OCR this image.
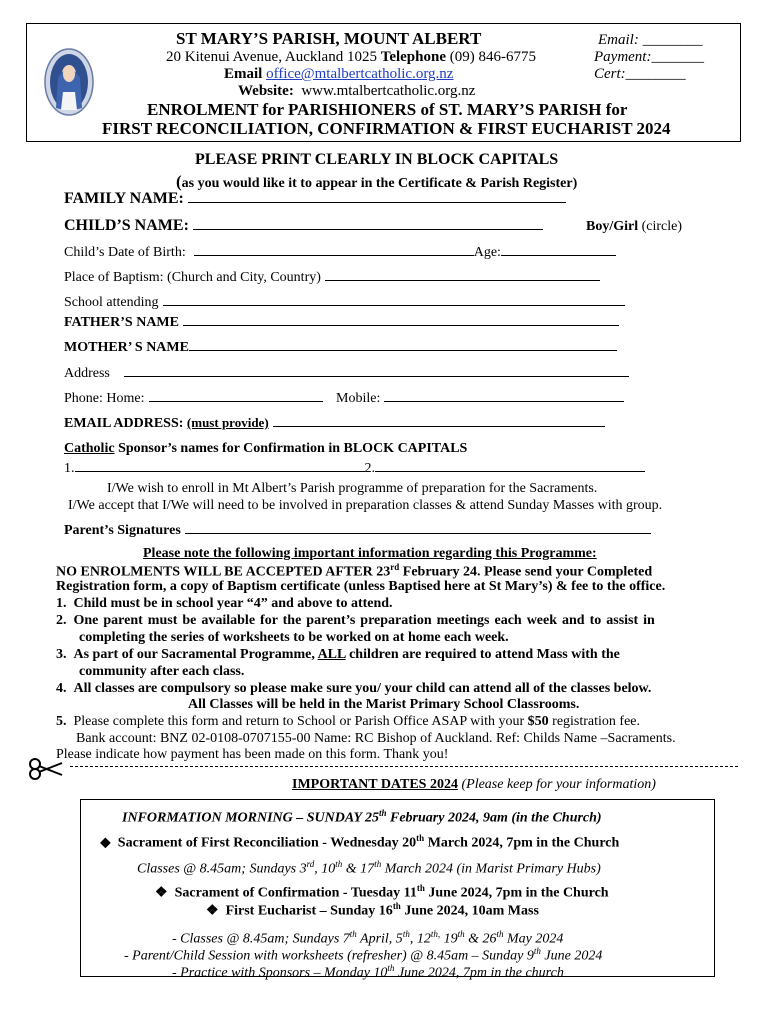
ST MARY’S PARISH, MOUNT ALBERT
20 Kitenui Avenue, Auckland 1025 Telephone (09) 846-6775
Email office@mtalbertcatholic.org.nz
Website: www.mtalbertcatholic.org.nz
Email: ________
Payment:_______
Cert:________
ENROLMENT for PARISHIONERS of ST. MARY’S PARISH for
FIRST RECONCILIATION, CONFIRMATION & FIRST EUCHARIST 2024
PLEASE PRINT CLEARLY IN BLOCK CAPITALS
(as you would like it to appear in the Certificate & Parish Register)
FAMILY NAME:
CHILD’S NAME:	Boy/Girl (circle)
Child’s Date of Birth:	Age:
Place of Baptism: (Church and City, Country)
School attending
FATHER’S NAME
MOTHER’ S NAME
Address
Phone: Home:	Mobile:
EMAIL ADDRESS: (must provide)
Catholic Sponsor’s names for Confirmation in BLOCK CAPITALS
1.	2.
I/We wish to enroll in Mt Albert’s Parish programme of preparation for the Sacraments.
I/We accept that I/We will need to be involved in preparation classes & attend Sunday Masses with group.
Parent’s Signatures
Please note the following important information regarding this Programme:
NO ENROLMENTS WILL BE ACCEPTED AFTER 23rd February 24. Please send your Completed
Registration form, a copy of Baptism certificate (unless Baptised here at St Mary’s) & fee to the office.
1. Child must be in school year “4” and above to attend.
2. One parent must be available for the parent’s preparation meetings each week and to assist in
completing the series of worksheets to be worked on at home each week.
3. As part of our Sacramental Programme, ALL children are required to attend Mass with the
community after each class.
4. All classes are compulsory so please make sure you/ your child can attend all of the classes below.
All Classes will be held in the Marist Primary School Classrooms.
5. Please complete this form and return to School or Parish Office ASAP with your $50 registration fee.
Bank account: BNZ 02-0108-0707155-00 Name: RC Bishop of Auckland. Ref: Childs Name –Sacraments.
Please indicate how payment has been made on this form. Thank you!
IMPORTANT DATES 2024 (Please keep for your information)
INFORMATION MORNING – SUNDAY 25th February 2024, 9am (in the Church)
◆ Sacrament of First Reconciliation - Wednesday 20th March 2024, 7pm in the Church
Classes @ 8.45am; Sundays 3rd, 10th & 17th March 2024 (in Marist Primary Hubs)
❖ Sacrament of Confirmation - Tuesday 11th June 2024, 7pm in the Church
❖ First Eucharist – Sunday 16th June 2024, 10am Mass
- Classes @ 8.45am; Sundays 7th April, 5th, $12^{th,}$ 19th & 26th May 2024
- Parent/Child Session with worksheets (refresher) @ 8.45am – Sunday 9th June 2024
- Practice with Sponsors – Monday 10th June 2024, 7pm in the church
